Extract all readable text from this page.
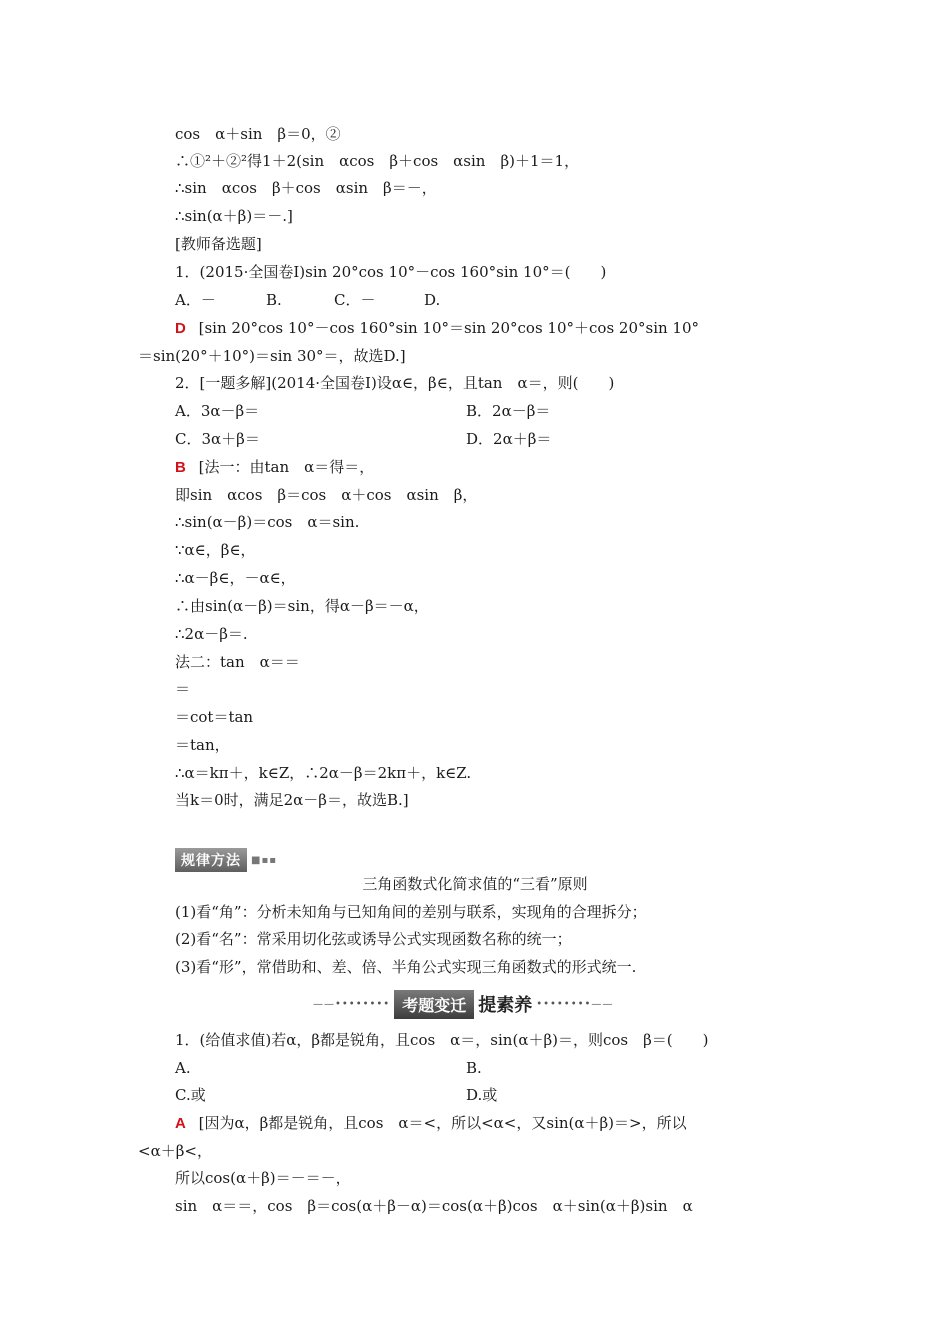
cos　α＋sin　β＝0，②
∴①²＋②²得1＋2(sin　αcos　β＋cos　αsin　β)＋1＝1，
∴sin　αcos　β＋cos　αsin　β＝－，
∴sin(α＋β)＝－.]
[教师备选题]
1．(2015·全国卷Ⅰ)sin 20°cos 10°－cos 160°sin 10°＝(　　)
A．－	B.	C．－	D.
D [sin 20°cos 10°－cos 160°sin 10°＝sin 20°cos 10°＋cos 20°sin 10°
＝sin(20°＋10°)＝sin 30°＝，故选D.]
2．[一题多解](2014·全国卷Ⅰ)设α∈，β∈，且tan　α＝，则(　　)
A．3α－β＝	B．2α－β＝
C．3α＋β＝	D．2α＋β＝
B [法一：由tan　α＝得＝，
即sin　αcos　β＝cos　α＋cos　αsin　β，
∴sin(α－β)＝cos　α＝sin.
∵α∈，β∈，
∴α－β∈，－α∈，
∴由sin(α－β)＝sin，得α－β＝－α，
∴2α－β＝.
法二：tan　α＝＝
＝
＝cot＝tan
＝tan，
∴α＝kπ＋，k∈Z，∴2α－β＝2kπ＋，k∈Z.
当k＝0时，满足2α－β＝，故选B.]
规律方法	■▪▪
三角函数式化简求值的“三看”原则
(1)看“角”：分析未知角与已知角间的差别与联系，实现角的合理拆分；
(2)看“名”：常采用切化弦或诱导公式实现函数名称的统一；
(3)看“形”，常借助和、差、倍、半角公式实现三角函数式的形式统一.
——•••••••• 考题变迁 提素养 ••••••••——
1．(给值求值)若α，β都是锐角，且cos　α＝，sin(α＋β)＝，则cos　β＝(　　)
A.	B.
C.或	D.或
A [因为α，β都是锐角，且cos　α＝<，所以<α<，又sin(α＋β)＝>，所以
<α＋β<，
所以cos(α＋β)＝－＝－，
sin　α＝＝，cos　β＝cos(α＋β－α)＝cos(α＋β)cos　α＋sin(α＋β)sin　α
